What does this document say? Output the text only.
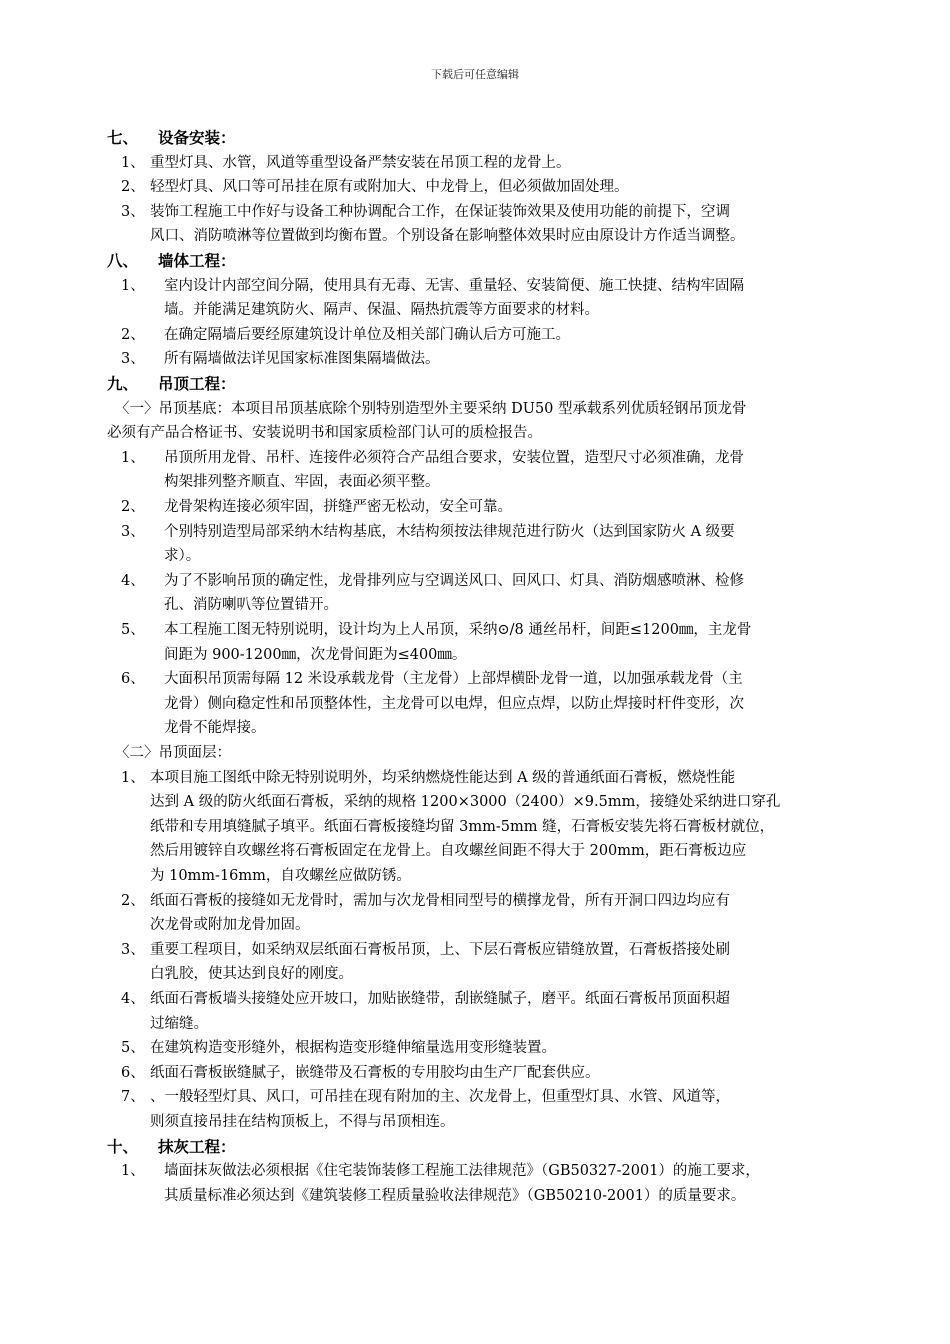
下载后可任意编辑
七、 设备安装：
1、 重型灯具、水管，风道等重型设备严禁安装在吊顶工程的龙骨上。
2、 轻型灯具、风口等可吊挂在原有或附加大、中龙骨上，但必须做加固处理。
3、 装饰工程施工中作好与设备工种协调配合工作，在保证装饰效果及使用功能的前提下，空调
风口、消防喷淋等位置做到均衡布置。个别设备在影响整体效果时应由原设计方作适当调整。
八、 墙体工程：
1、 室内设计内部空间分隔，使用具有无毒、无害、重量轻、安装简便、施工快捷、结构牢固隔
墙。并能满足建筑防火、隔声、保温、隔热抗震等方面要求的材料。
2、 在确定隔墙后要经原建筑设计单位及相关部门确认后方可施工。
3、 所有隔墙做法详见国家标准图集隔墙做法。
九、 吊顶工程：
〈一〉吊顶基底：本项目吊顶基底除个别特别造型外主要采纳 DU50 型承载系列优质轻钢吊顶龙骨
必须有产品合格证书、安装说明书和国家质检部门认可的质检报告。
1、 吊顶所用龙骨、吊杆、连接件必须符合产品组合要求，安装位置，造型尺寸必须准确，龙骨
构架排列整齐顺直、牢固，表面必须平整。
2、 龙骨架构连接必须牢固，拼缝严密无松动，安全可靠。
3、 个别特别造型局部采纳木结构基底，木结构须按法律规范进行防火（达到国家防火 A 级要
求）。
4、 为了不影响吊顶的确定性，龙骨排列应与空调送风口、回风口、灯具、消防烟感喷淋、检修
孔、消防喇叭等位置错开。
5、 本工程施工图无特别说明，设计均为上人吊顶，采纳⊙/8 通丝吊杆，间距≤1200㎜，主龙骨
间距为 900-1200㎜，次龙骨间距为≤400㎜。
6、 大面积吊顶需每隔 12 米设承载龙骨（主龙骨）上部焊横卧龙骨一道，以加强承载龙骨（主
龙骨）侧向稳定性和吊顶整体性，主龙骨可以电焊，但应点焊，以防止焊接时杆件变形，次
龙骨不能焊接。
〈二〉吊顶面层：
1、 本项目施工图纸中除无特别说明外，均采纳燃烧性能达到 A 级的普通纸面石膏板，燃烧性能
达到 A 级的防火纸面石膏板，采纳的规格 1200×3000（2400）×9.5mm，接缝处采纳进口穿孔
纸带和专用填缝腻子填平。纸面石膏板接缝均留 3mm-5mm 缝，石膏板安装先将石膏板材就位，
然后用镀锌自攻螺丝将石膏板固定在龙骨上。自攻螺丝间距不得大于 200mm，距石膏板边应
为 10mm-16mm，自攻螺丝应做防锈。
2、 纸面石膏板的接缝如无龙骨时，需加与次龙骨相同型号的横撑龙骨，所有开洞口四边均应有
次龙骨或附加龙骨加固。
3、 重要工程项目，如采纳双层纸面石膏板吊顶，上、下层石膏板应错缝放置，石膏板搭接处刷
白乳胶，使其达到良好的刚度。
4、 纸面石膏板墙头接缝处应开坡口，加贴嵌缝带，刮嵌缝腻子，磨平。纸面石膏板吊顶面积超
过缩缝。
5、 在建筑构造变形缝外，根据构造变形缝伸缩量选用变形缝装置。
6、 纸面石膏板嵌缝腻子，嵌缝带及石膏板的专用胶均由生产厂配套供应。
7、 、一般轻型灯具、风口，可吊挂在现有附加的主、次龙骨上，但重型灯具、水管、风道等，
则须直接吊挂在结构顶板上，不得与吊顶相连。
十、 抹灰工程：
1、 墙面抹灰做法必须根据《住宅装饰装修工程施工法律规范》（GB50327-2001）的施工要求，
其质量标准必须达到《建筑装修工程质量验收法律规范》（GB50210-2001）的质量要求。
